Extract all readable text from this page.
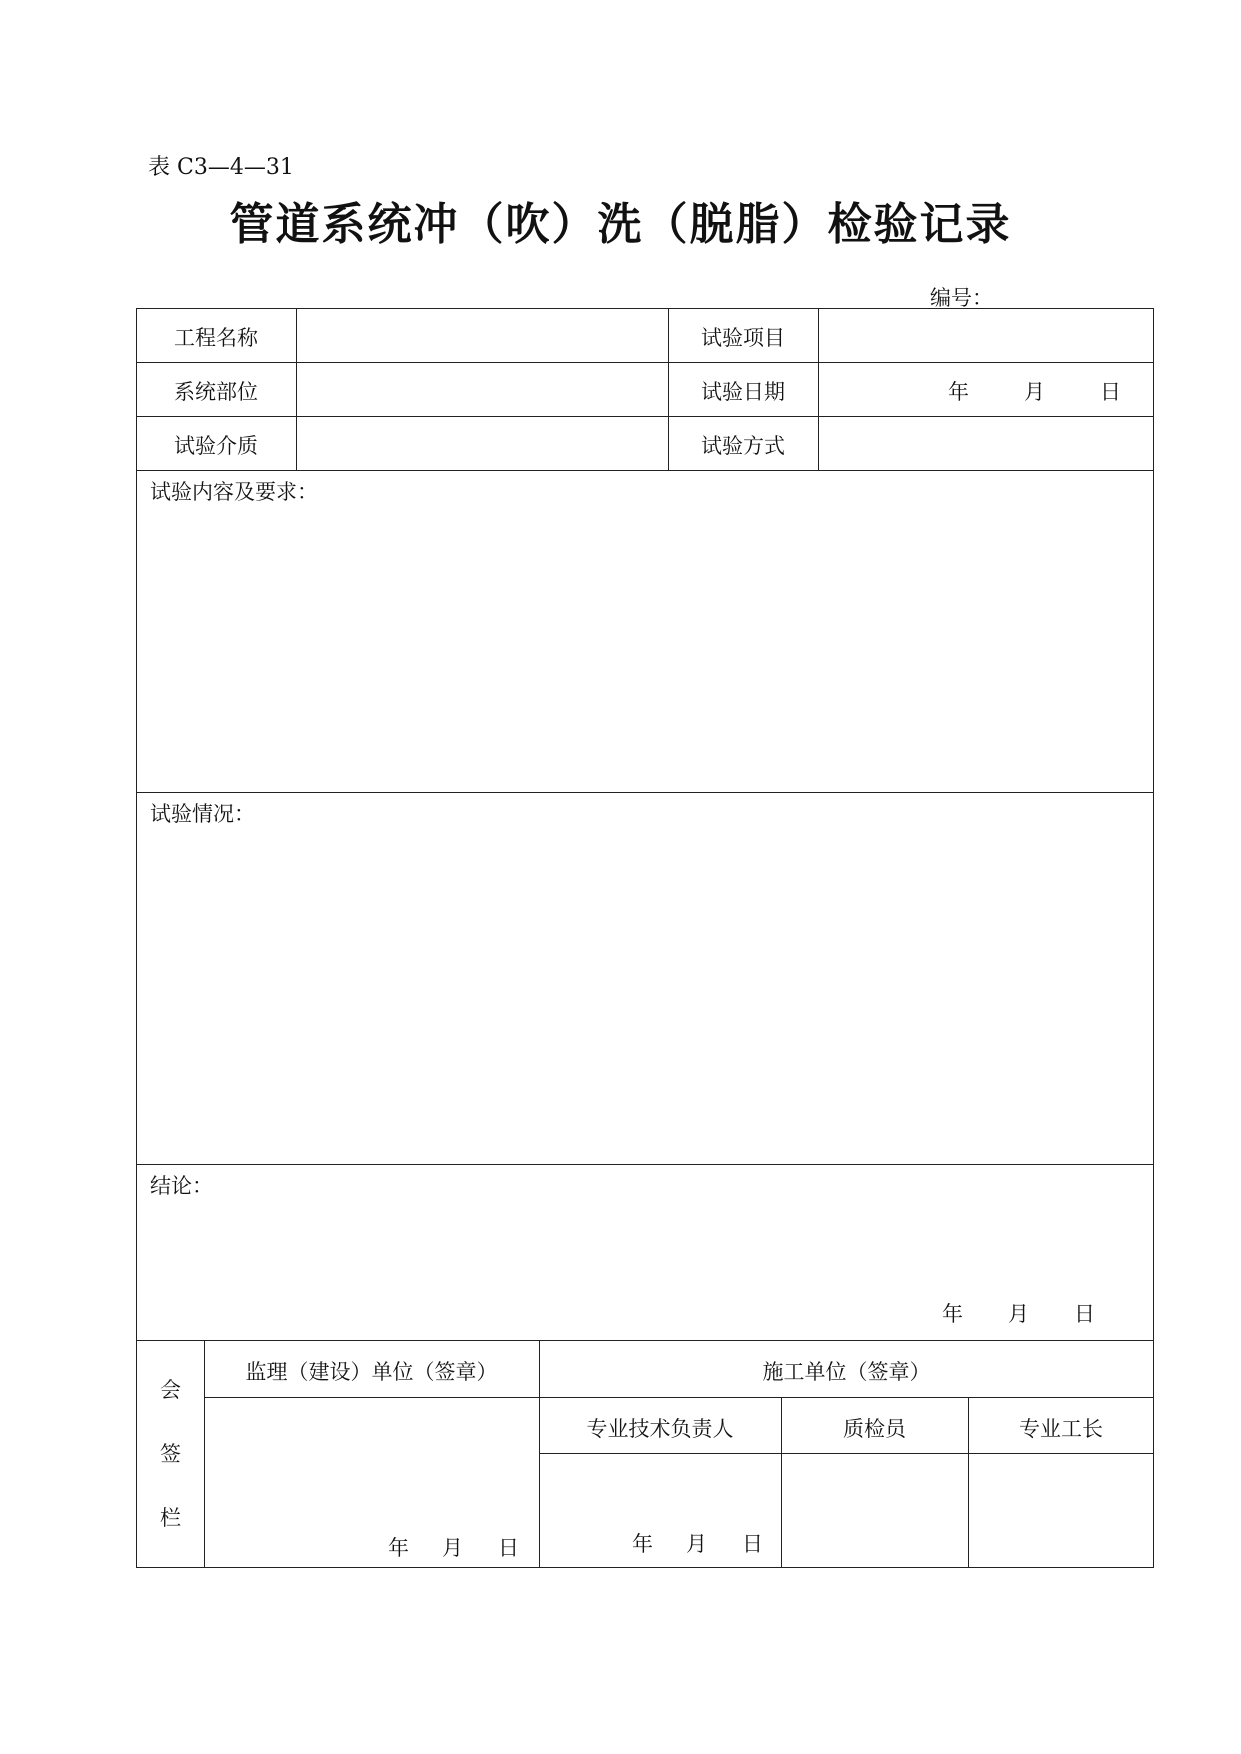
表 C3—4—31
管道系统冲（吹）洗（脱脂）检验记录
编号：
工程名称	试验项目
系统部位	试验日期	年	月	日
试验介质	试验方式
试验内容及要求：
试验情况：
结论：
年 月 日
会
签
栏
监理（建设）单位（签章）	施工单位（签章）
专业技术负责人	质检员	专业工长
年 月 日	年 月 日
